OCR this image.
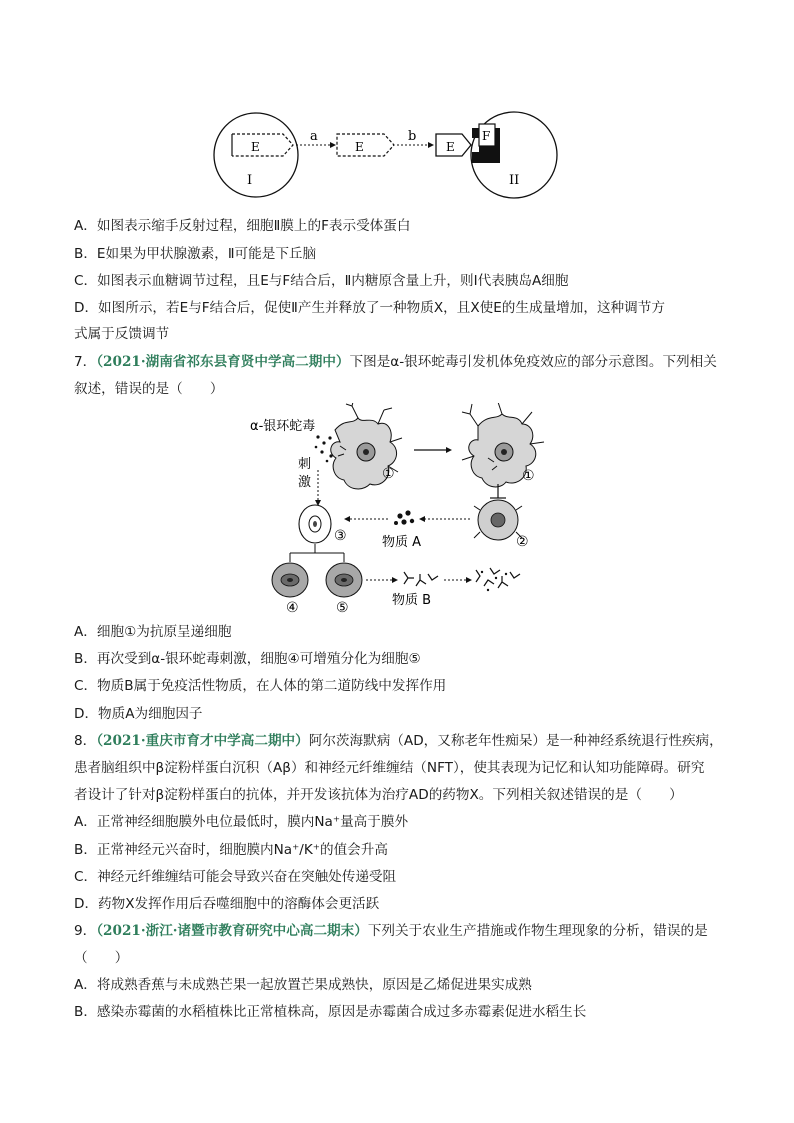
E
a
E
b
E
F
I	II
A．如图表示缩手反射过程，细胞Ⅱ膜上的F表示受体蛋白
B．E如果为甲状腺激素，Ⅱ可能是下丘脑
C．如图表示血糖调节过程，且E与F结合后，Ⅱ内糖原含量上升，则Ⅰ代表胰岛A细胞
D．如图所示，若E与F结合后，促使Ⅱ产生并释放了一种物质X，且X使E的生成量增加，这种调节方
式属于反馈调节
7．（2021·湖南省祁东县育贤中学高二期中）下图是α-银环蛇毒引发机体免疫效应的部分示意图。下列相关
叙述，错误的是（　　）
α-银环蛇毒
刺
激
①	①
②
物质 A
③
④	⑤	物质 B
A．细胞①为抗原呈递细胞
B．再次受到α-银环蛇毒刺激，细胞④可增殖分化为细胞⑤
C．物质B属于免疫活性物质，在人体的第二道防线中发挥作用
D．物质A为细胞因子
8．（2021·重庆市育才中学高二期中）阿尔茨海默病（AD，又称老年性痴呆）是一种神经系统退行性疾病，
患者脑组织中β淀粉样蛋白沉积（Aβ）和神经元纤维缠结（NFT），使其表现为记忆和认知功能障碍。研究
者设计了针对β淀粉样蛋白的抗体，并开发该抗体为治疗AD的药物X。下列相关叙述错误的是（　　）
A．正常神经细胞膜外电位最低时，膜内Na⁺量高于膜外
B．正常神经元兴奋时，细胞膜内Na⁺/K⁺的值会升高
C．神经元纤维缠结可能会导致兴奋在突触处传递受阻
D．药物X发挥作用后吞噬细胞中的溶酶体会更活跃
9．（2021·浙江·诸暨市教育研究中心高二期末）下列关于农业生产措施或作物生理现象的分析，错误的是
（　　）
A．将成熟香蕉与未成熟芒果一起放置芒果成熟快，原因是乙烯促进果实成熟
B．感染赤霉菌的水稻植株比正常植株高，原因是赤霉菌合成过多赤霉素促进水稻生长
